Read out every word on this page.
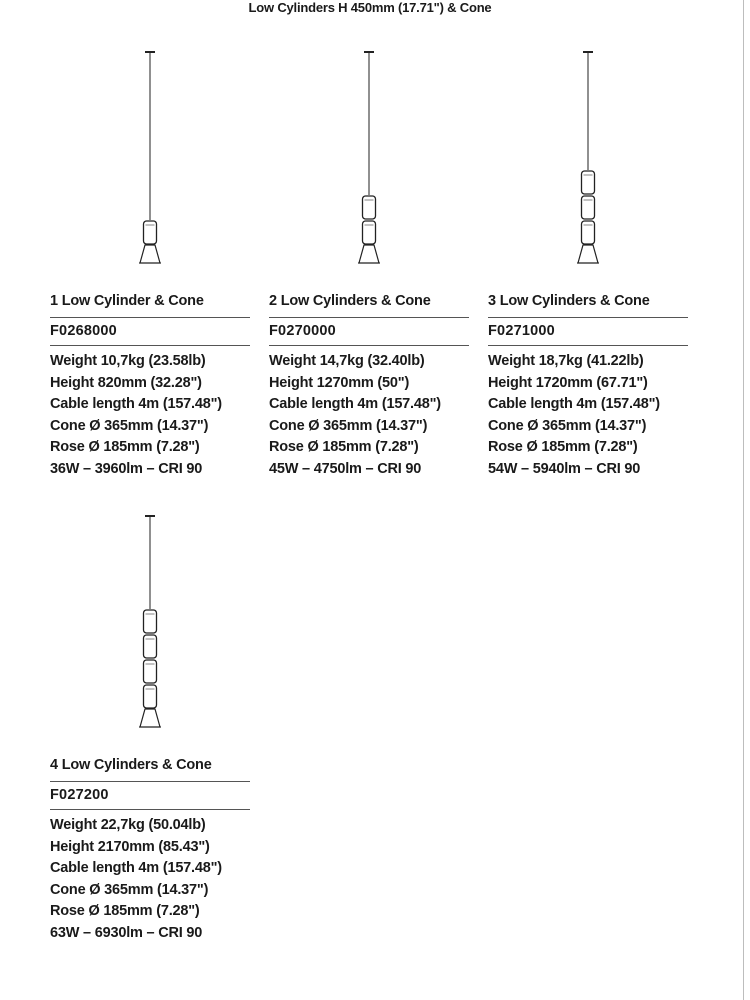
Low Cylinders H 450mm (17.71") & Cone
1 Low Cylinder & Cone
F0268000
Weight 10,7kg (23.58lb)
Height 820mm (32.28")
Cable length 4m (157.48")
Cone Ø 365mm (14.37")
Rose Ø 185mm (7.28")
36W – 3960lm – CRI 90
2 Low Cylinders & Cone
F0270000
Weight 14,7kg (32.40lb)
Height 1270mm (50")
Cable length 4m (157.48")
Cone Ø 365mm (14.37")
Rose Ø 185mm (7.28")
45W – 4750lm – CRI 90
3 Low Cylinders & Cone
F0271000
Weight 18,7kg (41.22lb)
Height 1720mm (67.71")
Cable length 4m (157.48")
Cone Ø 365mm (14.37")
Rose Ø 185mm (7.28")
54W – 5940lm – CRI 90
4 Low Cylinders & Cone
F027200
Weight 22,7kg (50.04lb)
Height 2170mm (85.43")
Cable length 4m (157.48")
Cone Ø 365mm (14.37")
Rose Ø 185mm (7.28")
63W – 6930lm – CRI 90
